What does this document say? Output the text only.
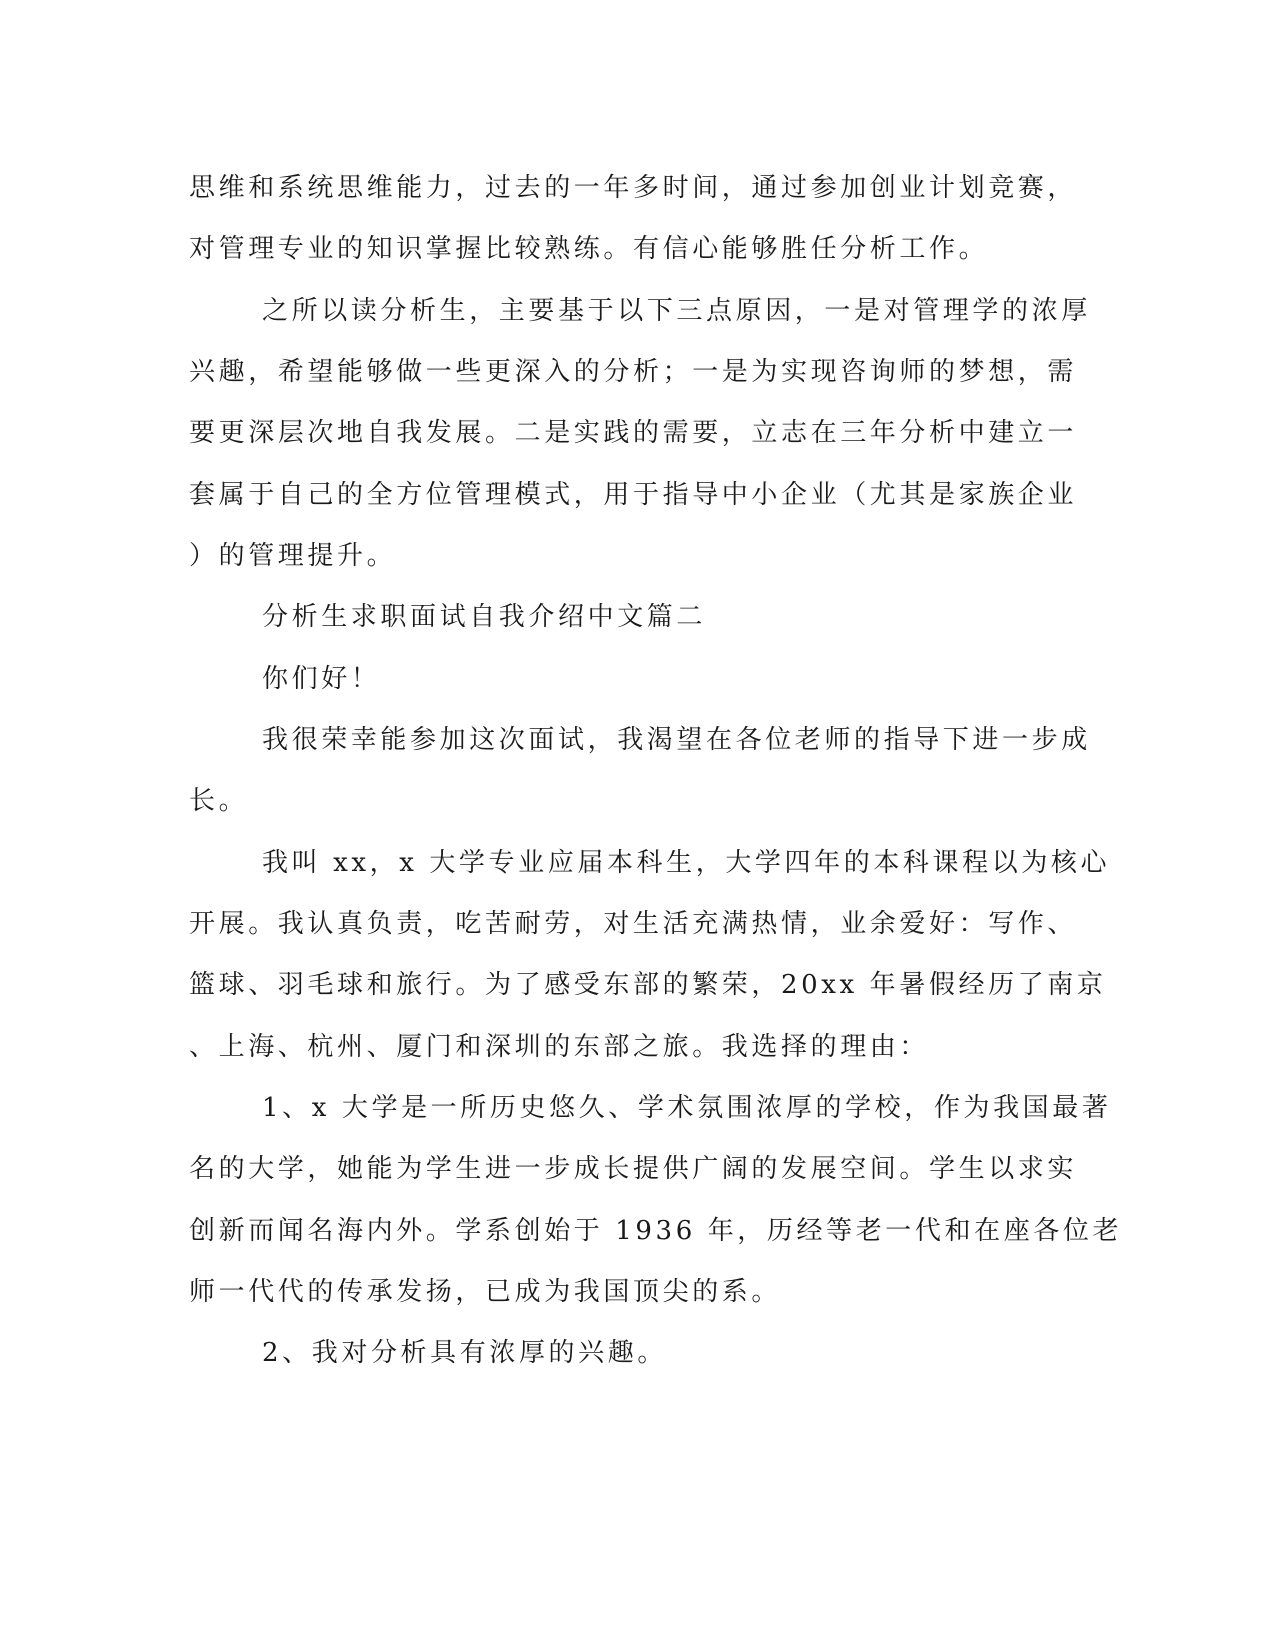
思维和系统思维能力，过去的一年多时间，通过参加创业计划竞赛，

对管理专业的知识掌握比较熟练。有信心能够胜任分析工作。

之所以读分析生，主要基于以下三点原因，一是对管理学的浓厚

兴趣，希望能够做一些更深入的分析；一是为实现咨询师的梦想，需

要更深层次地自我发展。二是实践的需要，立志在三年分析中建立一

套属于自己的全方位管理模式，用于指导中小企业（尤其是家族企业

）的管理提升。

分析生求职面试自我介绍中文篇二

你们好！

我很荣幸能参加这次面试，我渴望在各位老师的指导下进一步成

长。

我叫 xx，x 大学专业应届本科生，大学四年的本科课程以为核心

开展。我认真负责，吃苦耐劳，对生活充满热情，业余爱好：写作、

篮球、羽毛球和旅行。为了感受东部的繁荣，20xx 年暑假经历了南京

、上海、杭州、厦门和深圳的东部之旅。我选择的理由：

1、x 大学是一所历史悠久、学术氛围浓厚的学校，作为我国最著

名的大学，她能为学生进一步成长提供广阔的发展空间。学生以求实

创新而闻名海内外。学系创始于 1936 年，历经等老一代和在座各位老

师一代代的传承发扬，已成为我国顶尖的系。

2、我对分析具有浓厚的兴趣。
